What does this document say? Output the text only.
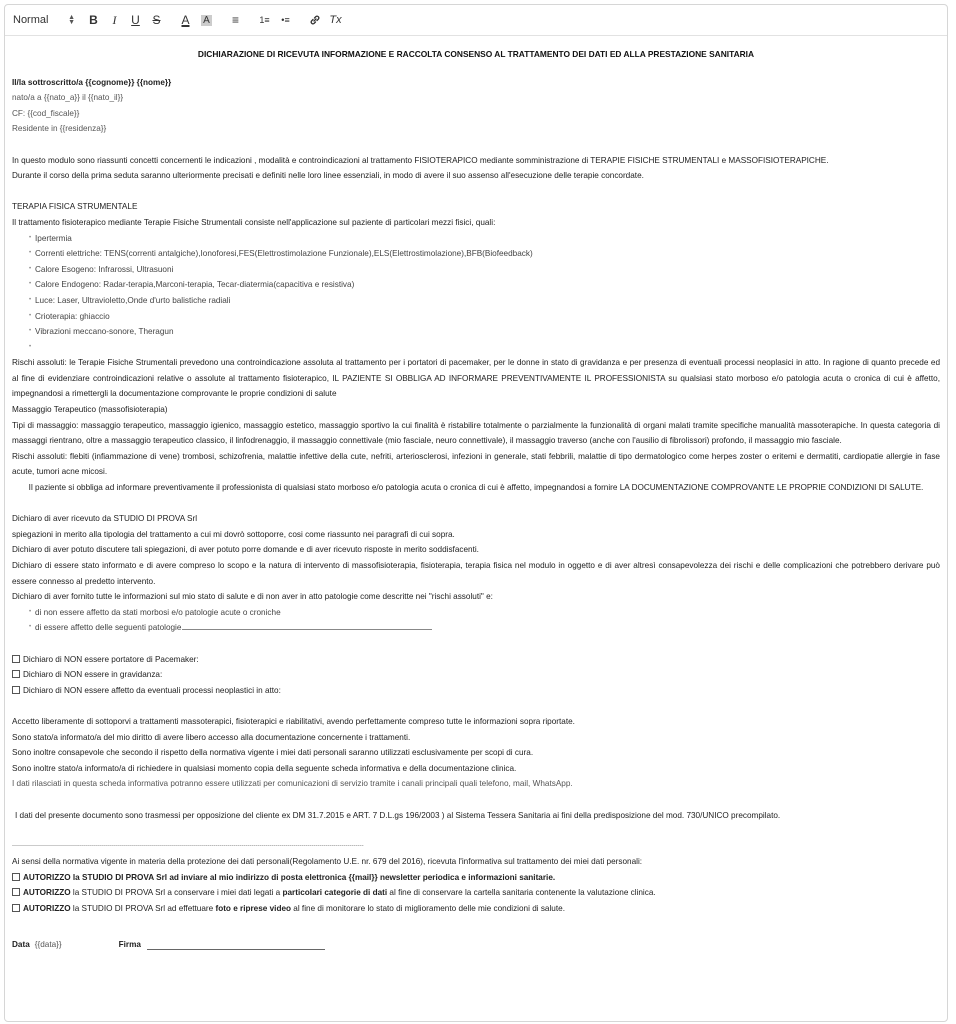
Normal	▲
▼	B	I	U	S	A	A	≡	1≡	•≡	Tx
DICHIARAZIONE DI RICEVUTA INFORMAZIONE E RACCOLTA CONSENSO AL TRATTAMENTO DEI DATI ED ALLA PRESTAZIONE SANITARIA

Il/la sottroscritto/a {{cognome}} {{nome}}

nato/a a {{nato_a}} il {{nato_il}}

CF: {{cod_fiscale}}

Residente in {{residenza}}

In questo modulo sono riassunti concetti concernenti le indicazioni , modalità e controindicazioni al trattamento FISIOTERAPICO mediante somministrazione di TERAPIE FISICHE STRUMENTALI e MASSOFISIOTERAPICHE.

Durante il corso della prima seduta saranno ulteriormente precisati e definiti nelle loro linee essenziali, in modo di avere il suo assenso all'esecuzione delle terapie concordate.

TERAPIA FISICA STRUMENTALE

Il trattamento fisioterapico mediante Terapie Fisiche Strumentali consiste nell'applicazione sul paziente di particolari mezzi fisici, quali:

• Ipertermia
• Correnti elettriche: TENS(correnti antalgiche),Ionoforesi,FES(Elettrostimolazione Funzionale),ELS(Elettrostimolazione),BFB(Biofeedback)
• Calore Esogeno: Infrarossi, Ultrasuoni
• Calore Endogeno: Radar-terapia,Marconi-terapia, Tecar-diatermia(capacitiva e resistiva)
• Luce: Laser, Ultravioletto,Onde d'urto balistiche radiali
• Crioterapia: ghiaccio
• Vibrazioni meccano-sonore, Theragun
•

Rischi assoluti: le Terapie Fisiche Strumentali prevedono una controindicazione assoluta al trattamento per i portatori di pacemaker, per le donne in stato di gravidanza e per presenza di eventuali processi neoplasici in atto. In ragione di quanto precede ed al fine di evidenziare controindicazioni relative o assolute al trattamento fisioterapico, IL PAZIENTE SI OBBLIGA AD INFORMARE PREVENTIVAMENTE IL PROFESSIONISTA su qualsiasi stato morboso e/o patologia acuta o cronica di cui è affetto, impegnandosi a rimettergli la documentazione comprovante le proprie condizioni di salute

Massaggio Terapeutico (massofisioterapia)

Tipi di massaggio: massaggio terapeutico, massaggio igienico, massaggio estetico, massaggio sportivo la cui finalità è ristabilire totalmente o parzialmente la funzionalità di organi malati tramite specifiche manualità massoterapiche. In questa categoria di massaggi rientrano, oltre a massaggio terapeutico classico, il linfodrenaggio, il massaggio connettivale (mio fasciale, neuro connettivale), il massaggio traverso (anche con l'ausilio di fibrolissori) profondo, il massaggio mio fasciale.

Rischi assoluti: flebiti (infiammazione di vene) trombosi, schizofrenia, malattie infettive della cute, nefriti, arteriosclerosi, infezioni in generale, stati febbrili, malattie di tipo dermatologico come herpes zoster o eritemi e dermatiti, cardiopatie allergie in fase acute, tumori acne micosi.

Il paziente si obbliga ad informare preventivamente il professionista di qualsiasi stato morboso e/o patologia acuta o cronica di cui è affetto, impegnandosi a fornire LA DOCUMENTAZIONE COMPROVANTE LE PROPRIE CONDIZIONI DI SALUTE.

Dichiaro di aver ricevuto da STUDIO DI PROVA Srl

spiegazioni in merito alla tipologia del trattamento a cui mi dovrò sottoporre, cosi come riassunto nei paragrafi di cui sopra.

Dichiaro di aver potuto discutere tali spiegazioni, di aver potuto porre domande e di aver ricevuto risposte in merito soddisfacenti.

Dichiaro di essere stato informato e di avere compreso lo scopo e la natura di intervento di massofisioterapia, fisioterapia, terapia fisica nel modulo in oggetto e di aver altresì consapevolezza dei rischi e delle complicazioni che potrebbero derivare può essere connesso al predetto intervento.

Dichiaro di aver fornito tutte le informazioni sul mio stato di salute e di non aver in atto patologie come descritte nei "rischi assoluti" e:

• di non essere affetto da stati morbosi e/o patologie acute o croniche
• di essere affetto delle seguenti patologie

Dichiaro di NON essere portatore di Pacemaker:

Dichiaro di NON essere in gravidanza:

Dichiaro di NON essere affetto da eventuali processi neoplastici in atto:

Accetto liberamente di sottoporvi a trattamenti massoterapici, fisioterapici e riabilitativi, avendo perfettamente compreso tutte le informazioni sopra riportate.

Sono stato/a informato/a del mio diritto di avere libero accesso alla documentazione concernente i trattamenti.

Sono inoltre consapevole che secondo il rispetto della normativa vigente i miei dati personali saranno utilizzati esclusivamente per scopi di cura.

Sono inoltre stato/a informato/a di richiedere in qualsiasi momento copia della seguente scheda informativa e della documentazione clinica.

I dati rilasciati in questa scheda informativa potranno essere utilizzati per comunicazioni di servizio tramite i canali principali quali telefono, mail, WhatsApp.

I dati del presente documento sono trasmessi per opposizione del cliente ex DM 31.7.2015 e ART. 7 D.L.gs 196/2003 ) al Sistema Tessera Sanitaria ai fini della predisposizione del mod. 730/UNICO precompilato.

--------------------------------------------------------------------------------------------------------------------------------------------------------------------------------

Ai sensi della normativa vigente in materia della protezione dei dati personali(Regolamento U.E. nr. 679 del 2016), ricevuta l'informativa sul trattamento dei miei dati personali:

AUTORIZZO la STUDIO DI PROVA Srl ad inviare al mio indirizzo di posta elettronica {{mail}} newsletter periodica e informazioni sanitarie.

AUTORIZZO la STUDIO DI PROVA Srl a conservare i miei dati legati a particolari categorie di dati al fine di conservare la cartella sanitaria contenente la valutazione clinica.

AUTORIZZO la STUDIO DI PROVA Srl ad effettuare foto e riprese video al fine di monitorare lo stato di miglioramento delle mie condizioni di salute.

Data {{data}}	Firma
